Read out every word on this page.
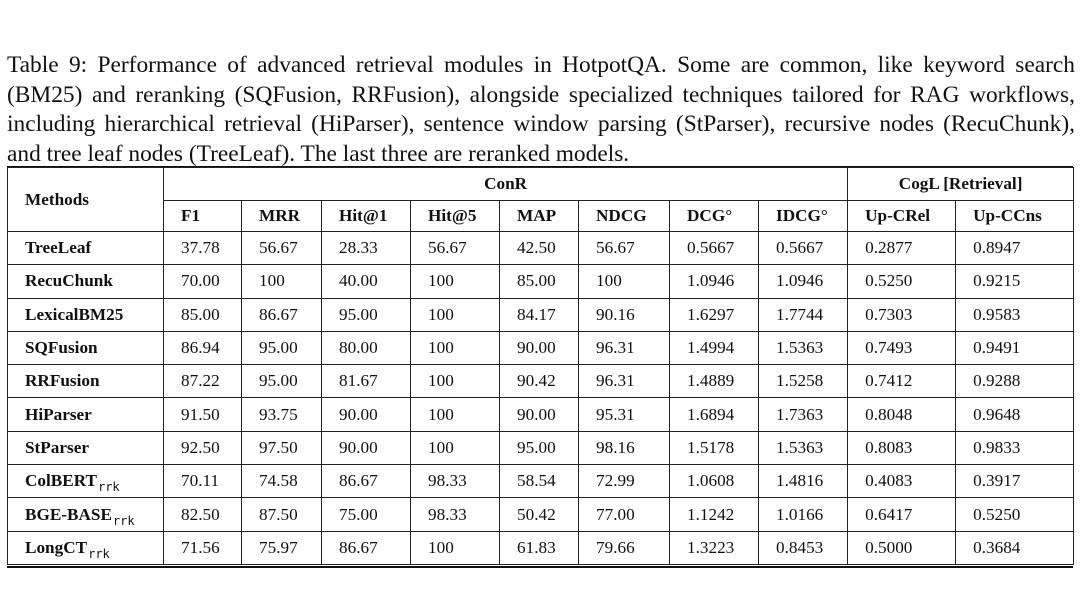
Table 9: Performance of advanced retrieval modules in HotpotQA. Some are common, like keyword search (BM25) and reranking (SQFusion, RRFusion), alongside specialized techniques tailored for RAG workflows, including hierarchical retrieval (HiParser), sentence window parsing (StParser), recursive nodes (RecuChunk), and tree leaf nodes (TreeLeaf). The last three are reranked models.

Methods	ConR								CogL [Retrieval]	
	F1	MRR	Hit@1	Hit@5	MAP	NDCG	DCG°	IDCG°	Up-CRel	Up-CCns
TreeLeaf	37.78	56.67	28.33	56.67	42.50	56.67	0.5667	0.5667	0.2877	0.8947
RecuChunk	70.00	100	40.00	100	85.00	100	1.0946	1.0946	0.5250	0.9215
LexicalBM25	85.00	86.67	95.00	100	84.17	90.16	1.6297	1.7744	0.7303	0.9583
SQFusion	86.94	95.00	80.00	100	90.00	96.31	1.4994	1.5363	0.7493	0.9491
RRFusion	87.22	95.00	81.67	100	90.42	96.31	1.4889	1.5258	0.7412	0.9288
HiParser	91.50	93.75	90.00	100	90.00	95.31	1.6894	1.7363	0.8048	0.9648
StParser	92.50	97.50	90.00	100	95.00	98.16	1.5178	1.5363	0.8083	0.9833
ColBERT$_{rrk}$	70.11	74.58	86.67	98.33	58.54	72.99	1.0608	1.4816	0.4083	0.3917
BGE-$BASE_{rrk}$	82.50	87.50	75.00	98.33	50.42	77.00	1.1242	1.0166	0.6417	0.5250
LongCT$_{rrk}$	71.56	75.97	86.67	100	61.83	79.66	1.3223	0.8453	0.5000	0.3684
